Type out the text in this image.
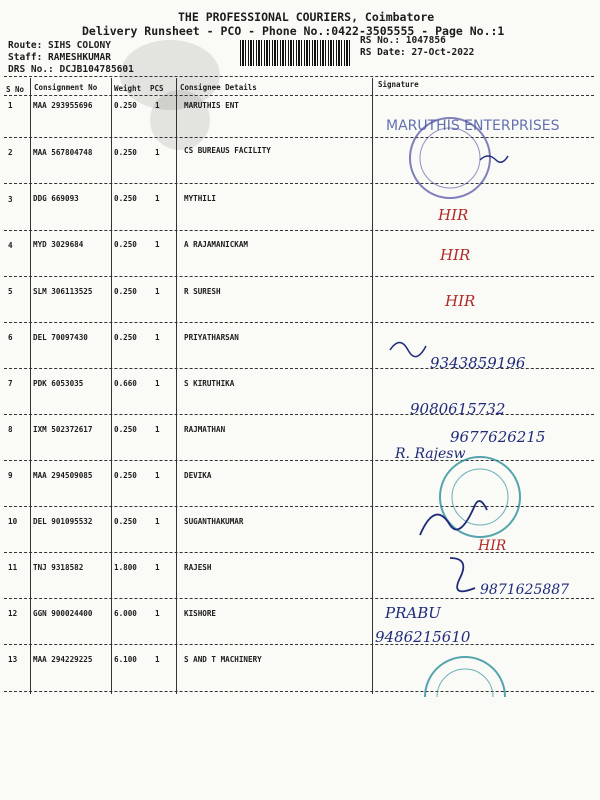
THE PROFESSIONAL COURIERS, Coimbatore
Delivery Runsheet - PCO - Phone No.:0422-3505555 - Page No.:1
Route: SIHS COLONY
Staff: RAMESHKUMAR
DRS No.: DCJB104785601
RS No.: 1047856
RS Date: 27-Oct-2022
S No Consignment No Weight PCS Consignee Details	Signature
1	MAA 293955696	0.250 1	MARUTHIS ENT
2	MAA 567804748	0.250 1	CS BUREAUS FACILITY
3	DDG 669093	0.250 1	MYTHILI
4	MYD 3029684	0.250 1	A RAJAMANICKAM
5	SLM 306113525	0.250 1	R SURESH
6	DEL 70097430	0.250 1	PRIYATHARSAN
7	PDK 6053035	0.660 1	S KIRUTHIKA
8	IXM 502372617	0.250 1	RAJMATHAN
9	MAA 294509085	0.250 1	DEVIKA
10 DEL 901095532	0.250 1	SUGANTHAKUMAR
11 TNJ 9318582	1.800 1	RAJESH
12 GGN 900024400	6.000 1	KISHORE
13 MAA 294229225	6.100 1	S AND T MACHINERY
MARUTHIS ENTERPRISES
HIR
HIR
HIR
9343859196
9080615732
9677626215
R. Rajesw
HIR
9871625887
PRABU
9486215610
